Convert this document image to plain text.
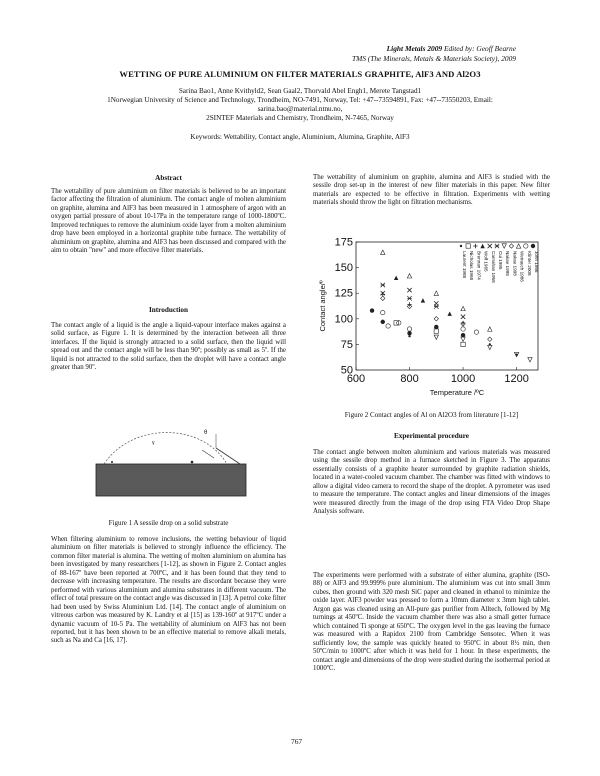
Light Metals 2009 Edited by: Geoff Bearne
TMS (The Minerals, Metals & Materials Society), 2009
WETTING OF PURE ALUMINIUM ON FILTER MATERIALS GRAPHITE, AlF3 AND Al2O3
Sarina Bao1, Anne Kvithyld2, Sean Gaal2, Thorvald Abel Engh1, Merete Tangstad1
1Norwegian University of Science and Technology, Trondheim, NO-7491, Norway, Tel: +47--73594891, Fax: +47--73550203, Email:
sarina.bao@material.ntnu.no,
2SINTEF Materials and Chemistry, Trondheim, N-7465, Norway
Keywords: Wettability, Contact angle, Aluminium, Alumina, Graphite, AlF3
Abstract

The wettability of pure aluminium on filter materials is believed to be an important factor affecting the filtration of aluminium. The contact angle of molten aluminium on graphite, alumina and AlF3 has been measured in 1 atmosphere of argon with an oxygen partial pressure of about 10-17Pa in the temperature range of 1000-1800ºC. Improved techniques to remove the aluminium oxide layer from a molten aluminium drop have been employed in a horizontal graphite tube furnace. The wettability of aluminium on graphite, alumina and AlF3 has been discussed and compared with the aim to obtain "new" and more effective filter materials.

Introduction

The contact angle of a liquid is the angle a liquid-vapour interface makes against a solid surface, as Figure 1. It is determined by the interaction between all three interfaces. If the liquid is strongly attracted to a solid surface, then the liquid will spread out and the contact angle will be less than 90º; possibly as small as 5º. If the liquid is not attracted to the solid surface, then the droplet will have a contact angle greater than 90º.

θ
γ
Figure 1 A sessile drop on a solid substrate

When filtering aluminium to remove inclusions, the wetting behaviour of liquid aluminium on filter materials is believed to strongly influence the efficiency. The common filter material is alumina. The wetting of molten aluminium on alumina has been investigated by many researchers [1-12], as shown in Figure 2. Contact angles of 88-167º have been reported at 700ºC, and it has been found that they tend to decrease with increasing temperature. The results are discordant because they were performed with various aluminium and alumina substrates in different vacuum. The effect of total pressure on the contact angle was discussed in [13]. A petrol coke filter had been used by Swiss Aluminium Ltd. [14]. The contact angle of aluminium on vitreous carbon was measured by K. Landry et al [15] as 139-160º at 917ºC under a dynamic vacuum of 10-5 Pa. The wettability of aluminium on AlF3 has not been reported, but it has been shown to be an effective material to remove alkali metals, such as Na and Ca [16, 17].

The wettability of aluminium on graphite, alumina and AlF3 is studied with the sessile drop set-up in the interest of new filter materials in this paper. New filter materials are expected to be effective in filtration. Experiments with wetting materials should throw the light on filtration mechanisms.

50
75
100
125
150
175
600	800	1000	1200
Temperature /ºC
Contact angle/º
John 1986
Klinter 2008
Weirauch 1986
Nakae 1998
Nakae 1998
Cui 1995
Carnahan 1958
Wolf 1965
Brennan 1974
Nicholas 1968
Laurent 1988
Figure 2 Contact angles of Al on Al2O3 from literature [1-12]
Experimental procedure

The contact angle between molten aluminium and various materials was measured using the sessile drop method in a furnace sketched in Figure 3. The apparatus essentially consists of a graphite heater surrounded by graphite radiation shields, located in a water-cooled vacuum chamber. The chamber was fitted with windows to allow a digital video camera to record the shape of the droplet. A pyrometer was used to measure the temperature. The contact angles and linear dimensions of the images were measured directly from the image of the drop using FTA Video Drop Shape Analysis software.

The experiments were performed with a substrate of either alumina, graphite (ISO-88) or AlF3 and 99.999% pure aluminium. The aluminium was cut into small 3mm cubes, then ground with 320 mesh SiC paper and cleaned in ethanol to minimize the oxide layer. AlF3 powder was pressed to form a 10mm diameter x 3mm high tablet. Argon gas was cleaned using an All-pure gas purifier from Alltech, followed by Mg turnings at 450ºC. Inside the vacuum chamber there was also a small getter furnace which contained Ti sponge at 650ºC. The oxygen level in the gas leaving the furnace was measured with a Rapidox 2100 from Cambridge Sensotec. When it was sufficiently low, the sample was quickly heated to 950ºC in about 8½ min, then 50ºC/min to 1000ºC after which it was held for 1 hour. In these experiments, the contact angle and dimensions of the drop were studied during the isothermal period at 1000ºC.

767
